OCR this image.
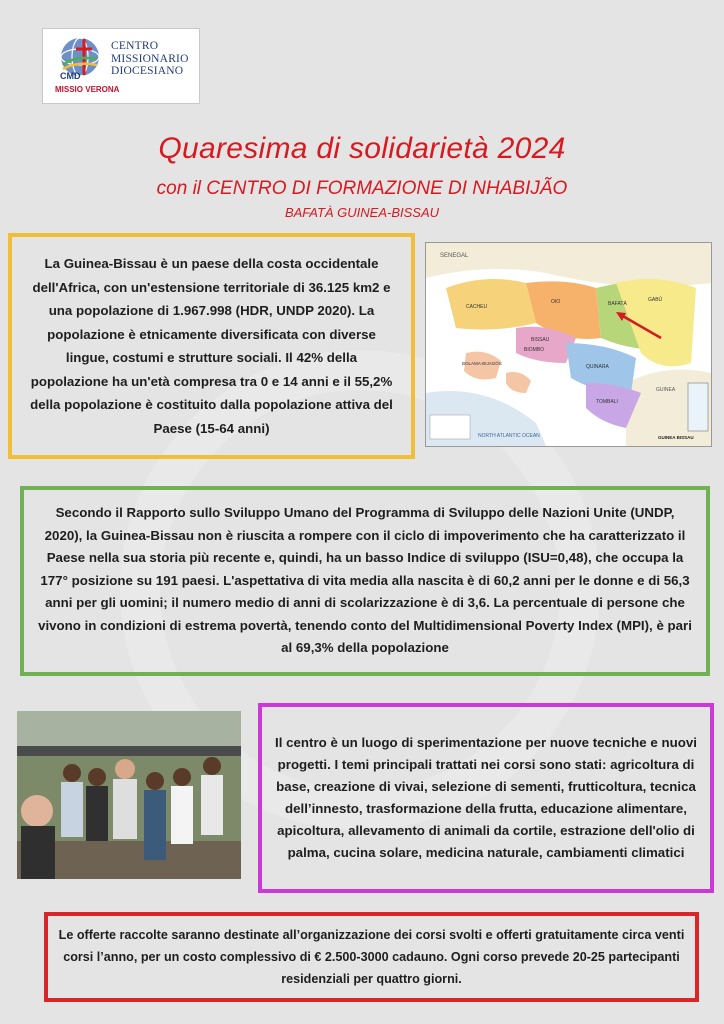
CMD
CENTRO
MISSIONARIO
DIOCESIANO
MISSIO VERONA
Quaresima di solidarietà 2024
con il CENTRO DI FORMAZIONE DI NHABIJÃO
BAFATÀ GUINEA-BISSAU

La Guinea-Bissau è un paese della costa occidentale dell'Africa, con un'estensione territoriale di 36.125 km2 e una popolazione di 1.967.998 (HDR, UNDP 2020). La popolazione è etnicamente diversificata con diverse lingue, costumi e strutture sociali. Il 42% della popolazione ha un'età compresa tra 0 e 14 anni e il 55,2% della popolazione è costituito dalla popolazione attiva del Paese (15-64 anni)

SENEGAL
BAFATÁ
GABÚ
OIO
CACHEU
BISSAU
BIOMBO
QUINARA
TOMBALI
BOLAMA-BIJAGÓS
GUINEA
NORTH ATLANTIC OCEAN	GUINEA BISSAU

Secondo il Rapporto sullo Sviluppo Umano del Programma di Sviluppo delle Nazioni Unite (UNDP, 2020), la Guinea-Bissau non è riuscita a rompere con il ciclo di impoverimento che ha caratterizzato il Paese nella sua storia più recente e, quindi, ha un basso Indice di sviluppo (ISU=0,48), che occupa la 177° posizione su 191 paesi. L'aspettativa di vita media alla nascita è di 60,2 anni per le donne e di 56,3 anni per gli uomini; il numero medio di anni di scolarizzazione è di 3,6. La percentuale di persone che vivono in condizioni di estrema povertà, tenendo conto del Multidimensional Poverty Index (MPI), è pari al 69,3% della popolazione

Il centro è un luogo di sperimentazione per nuove tecniche e nuovi progetti. I temi principali trattati nei corsi sono stati: agricoltura di base, creazione di vivai, selezione di sementi, frutticoltura, tecnica dell’innesto, trasformazione della frutta, educazione alimentare, apicoltura, allevamento di animali da cortile, estrazione dell'olio di palma, cucina solare, medicina naturale, cambiamenti climatici

Le offerte raccolte saranno destinate all’organizzazione dei corsi svolti e offerti gratuitamente circa venti corsi l’anno, per un costo complessivo di € 2.500-3000 cadauno. Ogni corso prevede 20-25 partecipanti residenziali per quattro giorni.
